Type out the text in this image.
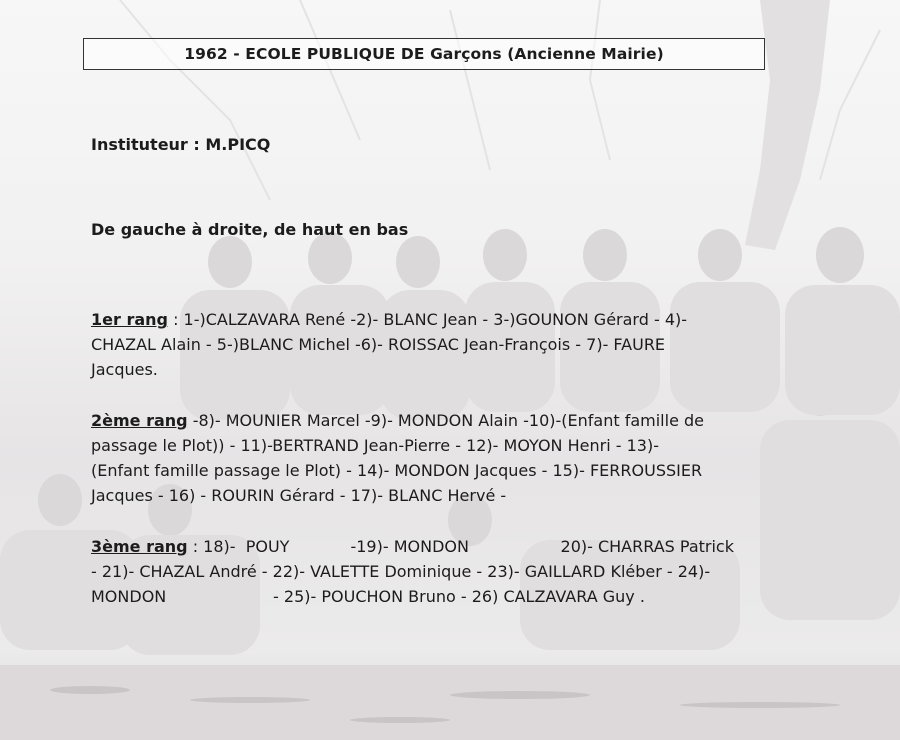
1962 - ECOLE PUBLIQUE DE Garçons (Ancienne Mairie)
Instituteur : M.PICQ
De gauche à droite, de haut en bas
1er rang : 1-)CALZAVARA René -2)- BLANC Jean - 3-)GOUNON Gérard - 4)-
CHAZAL Alain - 5-)BLANC Michel -6)- ROISSAC Jean-François - 7)- FAURE
Jacques.
2ème rang -8)- MOUNIER Marcel -9)- MONDON Alain -10)-(Enfant famille de
passage le Plot)) - 11)-BERTRAND Jean-Pierre - 12)- MOYON Henri - 13)-
(Enfant famille passage le Plot) - 14)- MONDON Jacques - 15)- FERROUSSIER
Jacques - 16) - ROURIN Gérard - 17)- BLANC Hervé -
3ème rang : 18)-  POUY            -19)- MONDON                  20)- CHARRAS Patrick
- 21)- CHAZAL André - 22)- VALETTE Dominique - 23)- GAILLARD Kléber - 24)-
MONDON                     - 25)- POUCHON Bruno - 26) CALZAVARA Guy .
